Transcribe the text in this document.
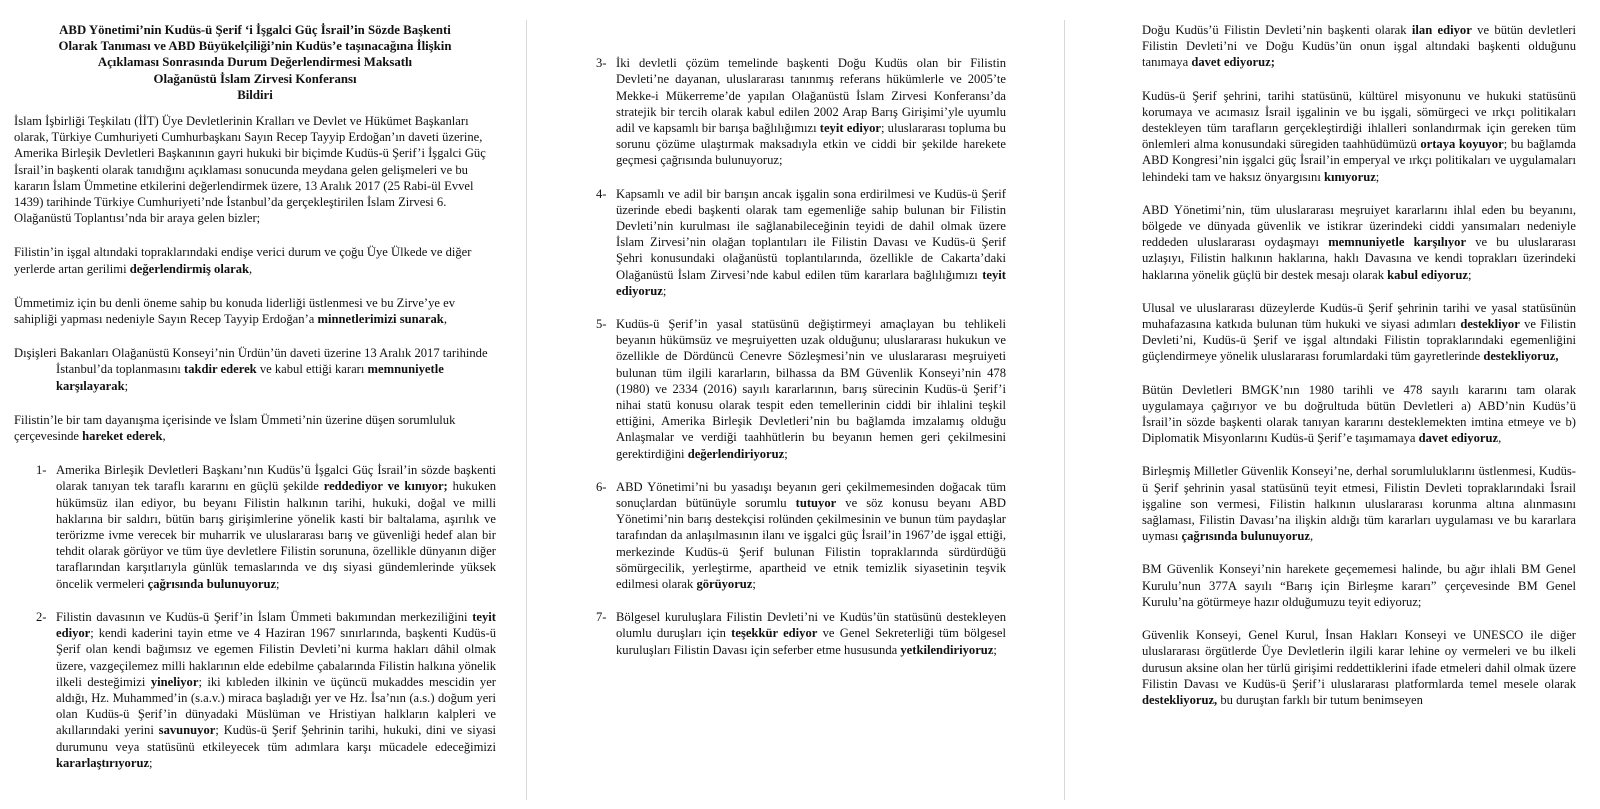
ABD Yönetimi’nin Kudüs-ü Şerif ‘i İşgalci Güç İsrail’in Sözde Başkenti
Olarak Tanıması ve ABD Büyükelçiliği’nin Kudüs’e taşınacağına İlişkin
Açıklaması Sonrasında Durum Değerlendirmesi Maksatlı
Olağanüstü İslam Zirvesi Konferansı
Bildiri
İslam İşbirliği Teşkilatı (İİT) Üye Devletlerinin Kralları ve Devlet ve Hükümet Başkanları olarak, Türkiye Cumhuriyeti Cumhurbaşkanı Sayın Recep Tayyip Erdoğan’ın daveti üzerine, Amerika Birleşik Devletleri Başkanının gayri hukuki bir biçimde Kudüs-ü Şerif’i İşgalci Güç İsrail’in başkenti olarak tanıdığını açıklaması sonucunda meydana gelen gelişmeleri ve bu kararın İslam Ümmetine etkilerini değerlendirmek üzere, 13 Aralık 2017 (25 Rabi-ül Evvel 1439) tarihinde Türkiye Cumhuriyeti’nde İstanbul’da gerçekleştirilen İslam Zirvesi 6. Olağanüstü Toplantısı’nda bir araya gelen bizler;
Filistin’in işgal altındaki topraklarındaki endişe verici durum ve çoğu Üye Ülkede ve diğer yerlerde artan gerilimi değerlendirmiş olarak,
Ümmetimiz için bu denli öneme sahip bu konuda liderliği üstlenmesi ve bu Zirve’ye ev sahipliği yapması nedeniyle Sayın Recep Tayyip Erdoğan’a minnetlerimizi sunarak,
Dışişleri Bakanları Olağanüstü Konseyi’nin Ürdün’ün daveti üzerine 13 Aralık 2017 tarihinde
İstanbul’da toplanmasını takdir ederek ve kabul ettiği kararı memnuniyetle karşılayarak;
Filistin’le bir tam dayanışma içerisinde ve İslam Ümmeti’nin üzerine düşen sorumluluk çerçevesinde hareket ederek,
1- Amerika Birleşik Devletleri Başkanı’nın Kudüs’ü İşgalci Güç İsrail’in sözde başkenti olarak tanıyan tek taraflı kararını en güçlü şekilde reddediyor ve kınıyor; hukuken hükümsüz ilan ediyor, bu beyanı Filistin halkının tarihi, hukuki, doğal ve milli haklarına bir saldırı, bütün barış girişimlerine yönelik kasti bir baltalama, aşırılık ve terörizme ivme verecek bir muharrik ve uluslararası barış ve güvenliği hedef alan bir tehdit olarak görüyor ve tüm üye devletlere Filistin sorununa, özellikle dünyanın diğer taraflarından karşıtlarıyla günlük temaslarında ve dış siyasi gündemlerinde yüksek öncelik vermeleri çağrısında bulunuyoruz;
2- Filistin davasının ve Kudüs-ü Şerif’in İslam Ümmeti bakımından merkeziliğini teyit ediyor; kendi kaderini tayin etme ve 4 Haziran 1967 sınırlarında, başkenti Kudüs-ü Şerif olan kendi bağımsız ve egemen Filistin Devleti’ni kurma hakları dâhil olmak üzere, vazgeçilemez milli haklarının elde edebilme çabalarında Filistin halkına yönelik ilkeli desteğimizi yineliyor; iki kıbleden ilkinin ve üçüncü mukaddes mescidin yer aldığı, Hz. Muhammed’in (s.a.v.) miraca başladığı yer ve Hz. İsa’nın (a.s.) doğum yeri olan Kudüs-ü Şerif’in dünyadaki Müslüman ve Hristiyan halkların kalpleri ve akıllarındaki yerini savunuyor; Kudüs-ü Şerif Şehrinin tarihi, hukuki, dini ve siyasi durumunu veya statüsünü etkileyecek tüm adımlara karşı mücadele edeceğimizi kararlaştırıyoruz;
3- İki devletli çözüm temelinde başkenti Doğu Kudüs olan bir Filistin Devleti’ne dayanan, uluslararası tanınmış referans hükümlerle ve 2005’te Mekke-i Mükerreme’de yapılan Olağanüstü İslam Zirvesi Konferansı’da stratejik bir tercih olarak kabul edilen 2002 Arap Barış Girişimi’yle uyumlu adil ve kapsamlı bir barışa bağlılığımızı teyit ediyor; uluslararası topluma bu sorunu çözüme ulaştırmak maksadıyla etkin ve ciddi bir şekilde harekete geçmesi çağrısında bulunuyoruz;
4- Kapsamlı ve adil bir barışın ancak işgalin sona erdirilmesi ve Kudüs-ü Şerif üzerinde ebedi başkenti olarak tam egemenliğe sahip bulunan bir Filistin Devleti’nin kurulması ile sağlanabileceğinin teyidi de dahil olmak üzere İslam Zirvesi’nin olağan toplantıları ile Filistin Davası ve Kudüs-ü Şerif Şehri konusundaki olağanüstü toplantılarında, özellikle de Cakarta’daki Olağanüstü İslam Zirvesi’nde kabul edilen tüm kararlara bağlılığımızı teyit ediyoruz;
5- Kudüs-ü Şerif’in yasal statüsünü değiştirmeyi amaçlayan bu tehlikeli beyanın hükümsüz ve meşruiyetten uzak olduğunu; uluslararası hukukun ve özellikle de Dördüncü Cenevre Sözleşmesi’nin ve uluslararası meşruiyeti bulunan tüm ilgili kararların, bilhassa da BM Güvenlik Konseyi’nin 478 (1980) ve 2334 (2016) sayılı kararlarının, barış sürecinin Kudüs-ü Şerif’i nihai statü konusu olarak tespit eden temellerinin ciddi bir ihlalini teşkil ettiğini, Amerika Birleşik Devletleri’nin bu bağlamda imzalamış olduğu Anlaşmalar ve verdiği taahhütlerin bu beyanın hemen geri çekilmesini gerektirdiğini değerlendiriyoruz;
6- ABD Yönetimi’ni bu yasadışı beyanın geri çekilmemesinden doğacak tüm sonuçlardan bütünüyle sorumlu tutuyor ve söz konusu beyanı ABD Yönetimi’nin barış destekçisi rolünden çekilmesinin ve bunun tüm paydaşlar tarafından da anlaşılmasının ilanı ve işgalci güç İsrail’in 1967’de işgal ettiği, merkezinde Kudüs-ü Şerif bulunan Filistin topraklarında sürdürdüğü sömürgecilik, yerleştirme, apartheid ve etnik temizlik siyasetinin teşvik edilmesi olarak görüyoruz;
7- Bölgesel kuruluşlara Filistin Devleti’ni ve Kudüs’ün statüsünü destekleyen olumlu duruşları için teşekkür ediyor ve Genel Sekreterliği tüm bölgesel kuruluşları Filistin Davası için seferber etme hususunda yetkilendiriyoruz;
Doğu Kudüs’ü Filistin Devleti’nin başkenti olarak ilan ediyor ve bütün devletleri Filistin Devleti’ni ve Doğu Kudüs’ün onun işgal altındaki başkenti olduğunu tanımaya davet ediyoruz;
Kudüs-ü Şerif şehrini, tarihi statüsünü, kültürel misyonunu ve hukuki statüsünü korumaya ve acımasız İsrail işgalinin ve bu işgali, sömürgeci ve ırkçı politikaları destekleyen tüm tarafların gerçekleştirdiği ihlalleri sonlandırmak için gereken tüm önlemleri alma konusundaki süregiden taahhüdümüzü ortaya koyuyor; bu bağlamda ABD Kongresi’nin işgalci güç İsrail’in emperyal ve ırkçı politikaları ve uygulamaları lehindeki tam ve haksız önyargısını kınıyoruz;
ABD Yönetimi’nin, tüm uluslararası meşruiyet kararlarını ihlal eden bu beyanını, bölgede ve dünyada güvenlik ve istikrar üzerindeki ciddi yansımaları nedeniyle reddeden uluslararası oydaşmayı memnuniyetle karşılıyor ve bu uluslararası uzlaşıyı, Filistin halkının haklarına, haklı Davasına ve kendi toprakları üzerindeki haklarına yönelik güçlü bir destek mesajı olarak kabul ediyoruz;
Ulusal ve uluslararası düzeylerde Kudüs-ü Şerif şehrinin tarihi ve yasal statüsünün muhafazasına katkıda bulunan tüm hukuki ve siyasi adımları destekliyor ve Filistin Devleti’ni, Kudüs-ü Şerif ve işgal altındaki Filistin topraklarındaki egemenliğini güçlendirmeye yönelik uluslararası forumlardaki tüm gayretlerinde destekliyoruz,
Bütün Devletleri BMGK’nın 1980 tarihli ve 478 sayılı kararını tam olarak uygulamaya çağırıyor ve bu doğrultuda bütün Devletleri a) ABD’nin Kudüs’ü İsrail’in sözde başkenti olarak tanıyan kararını desteklemekten imtina etmeye ve b) Diplomatik Misyonlarını Kudüs-ü Şerif’e taşımamaya davet ediyoruz,
Birleşmiş Milletler Güvenlik Konseyi’ne, derhal sorumluluklarını üstlenmesi, Kudüs-ü Şerif şehrinin yasal statüsünü teyit etmesi, Filistin Devleti topraklarındaki İsrail işgaline son vermesi, Filistin halkının uluslararası korunma altına alınmasını sağlaması, Filistin Davası’na ilişkin aldığı tüm kararları uygulaması ve bu kararlara uyması çağrısında bulunuyoruz,
BM Güvenlik Konseyi’nin harekete geçememesi halinde, bu ağır ihlali BM Genel Kurulu’nun 377A sayılı “Barış için Birleşme kararı” çerçevesinde BM Genel Kurulu’na götürmeye hazır olduğumuzu teyit ediyoruz;
Güvenlik Konseyi, Genel Kurul, İnsan Hakları Konseyi ve UNESCO ile diğer uluslararası örgütlerde Üye Devletlerin ilgili karar lehine oy vermeleri ve bu ilkeli durusun aksine olan her türlü girişimi reddettiklerini ifade etmeleri dahil olmak üzere Filistin Davası ve Kudüs-ü Şerif’i uluslararası platformlarda temel mesele olarak destekliyoruz, bu duruştan farklı bir tutum benimseyen
